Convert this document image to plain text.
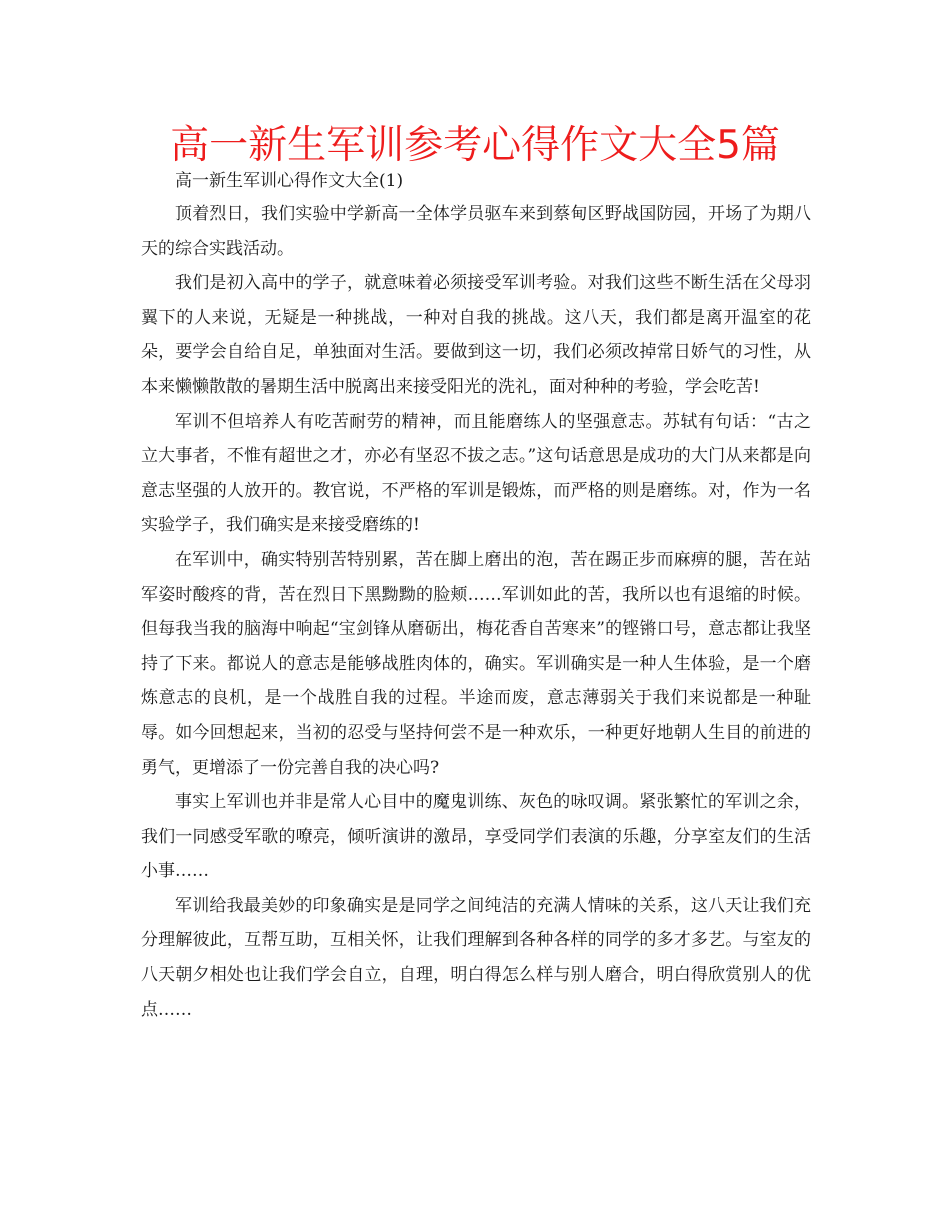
高一新生军训参考心得作文大全5篇

高一新生军训心得作文大全(1)

顶着烈日，我们实验中学新高一全体学员驱车来到蔡甸区野战国防园，开场了为期八天的综合实践活动。

我们是初入高中的学子，就意味着必须接受军训考验。对我们这些不断生活在父母羽翼下的人来说，无疑是一种挑战，一种对自我的挑战。这八天，我们都是离开温室的花朵，要学会自给自足，单独面对生活。要做到这一切，我们必须改掉常日娇气的习性，从本来懒懒散散的暑期生活中脱离出来接受阳光的洗礼，面对种种的考验，学会吃苦!

军训不但培养人有吃苦耐劳的精神，而且能磨练人的坚强意志。苏轼有句话：“古之立大事者，不惟有超世之才，亦必有坚忍不拔之志。”这句话意思是成功的大门从来都是向意志坚强的人放开的。教官说，不严格的军训是锻炼，而严格的则是磨练。对，作为一名实验学子，我们确实是来接受磨练的!

在军训中，确实特别苦特别累，苦在脚上磨出的泡，苦在踢正步而麻痹的腿，苦在站军姿时酸疼的背，苦在烈日下黑黝黝的脸颊……军训如此的苦，我所以也有退缩的时候。但每我当我的脑海中响起“宝剑锋从磨砺出，梅花香自苦寒来”的铿锵口号，意志都让我坚持了下来。都说人的意志是能够战胜肉体的，确实。军训确实是一种人生体验，是一个磨炼意志的良机，是一个战胜自我的过程。半途而废，意志薄弱关于我们来说都是一种耻辱。如今回想起来，当初的忍受与坚持何尝不是一种欢乐，一种更好地朝人生目的前进的勇气，更增添了一份完善自我的决心吗?

事实上军训也并非是常人心目中的魔鬼训练、灰色的咏叹调。紧张繁忙的军训之余，我们一同感受军歌的嘹亮，倾听演讲的激昂，享受同学们表演的乐趣，分享室友们的生活小事……

军训给我最美妙的印象确实是是同学之间纯洁的充满人情味的关系，这八天让我们充分理解彼此，互帮互助，互相关怀，让我们理解到各种各样的同学的多才多艺。与室友的八天朝夕相处也让我们学会自立，自理，明白得怎么样与别人磨合，明白得欣赏别人的优点……
